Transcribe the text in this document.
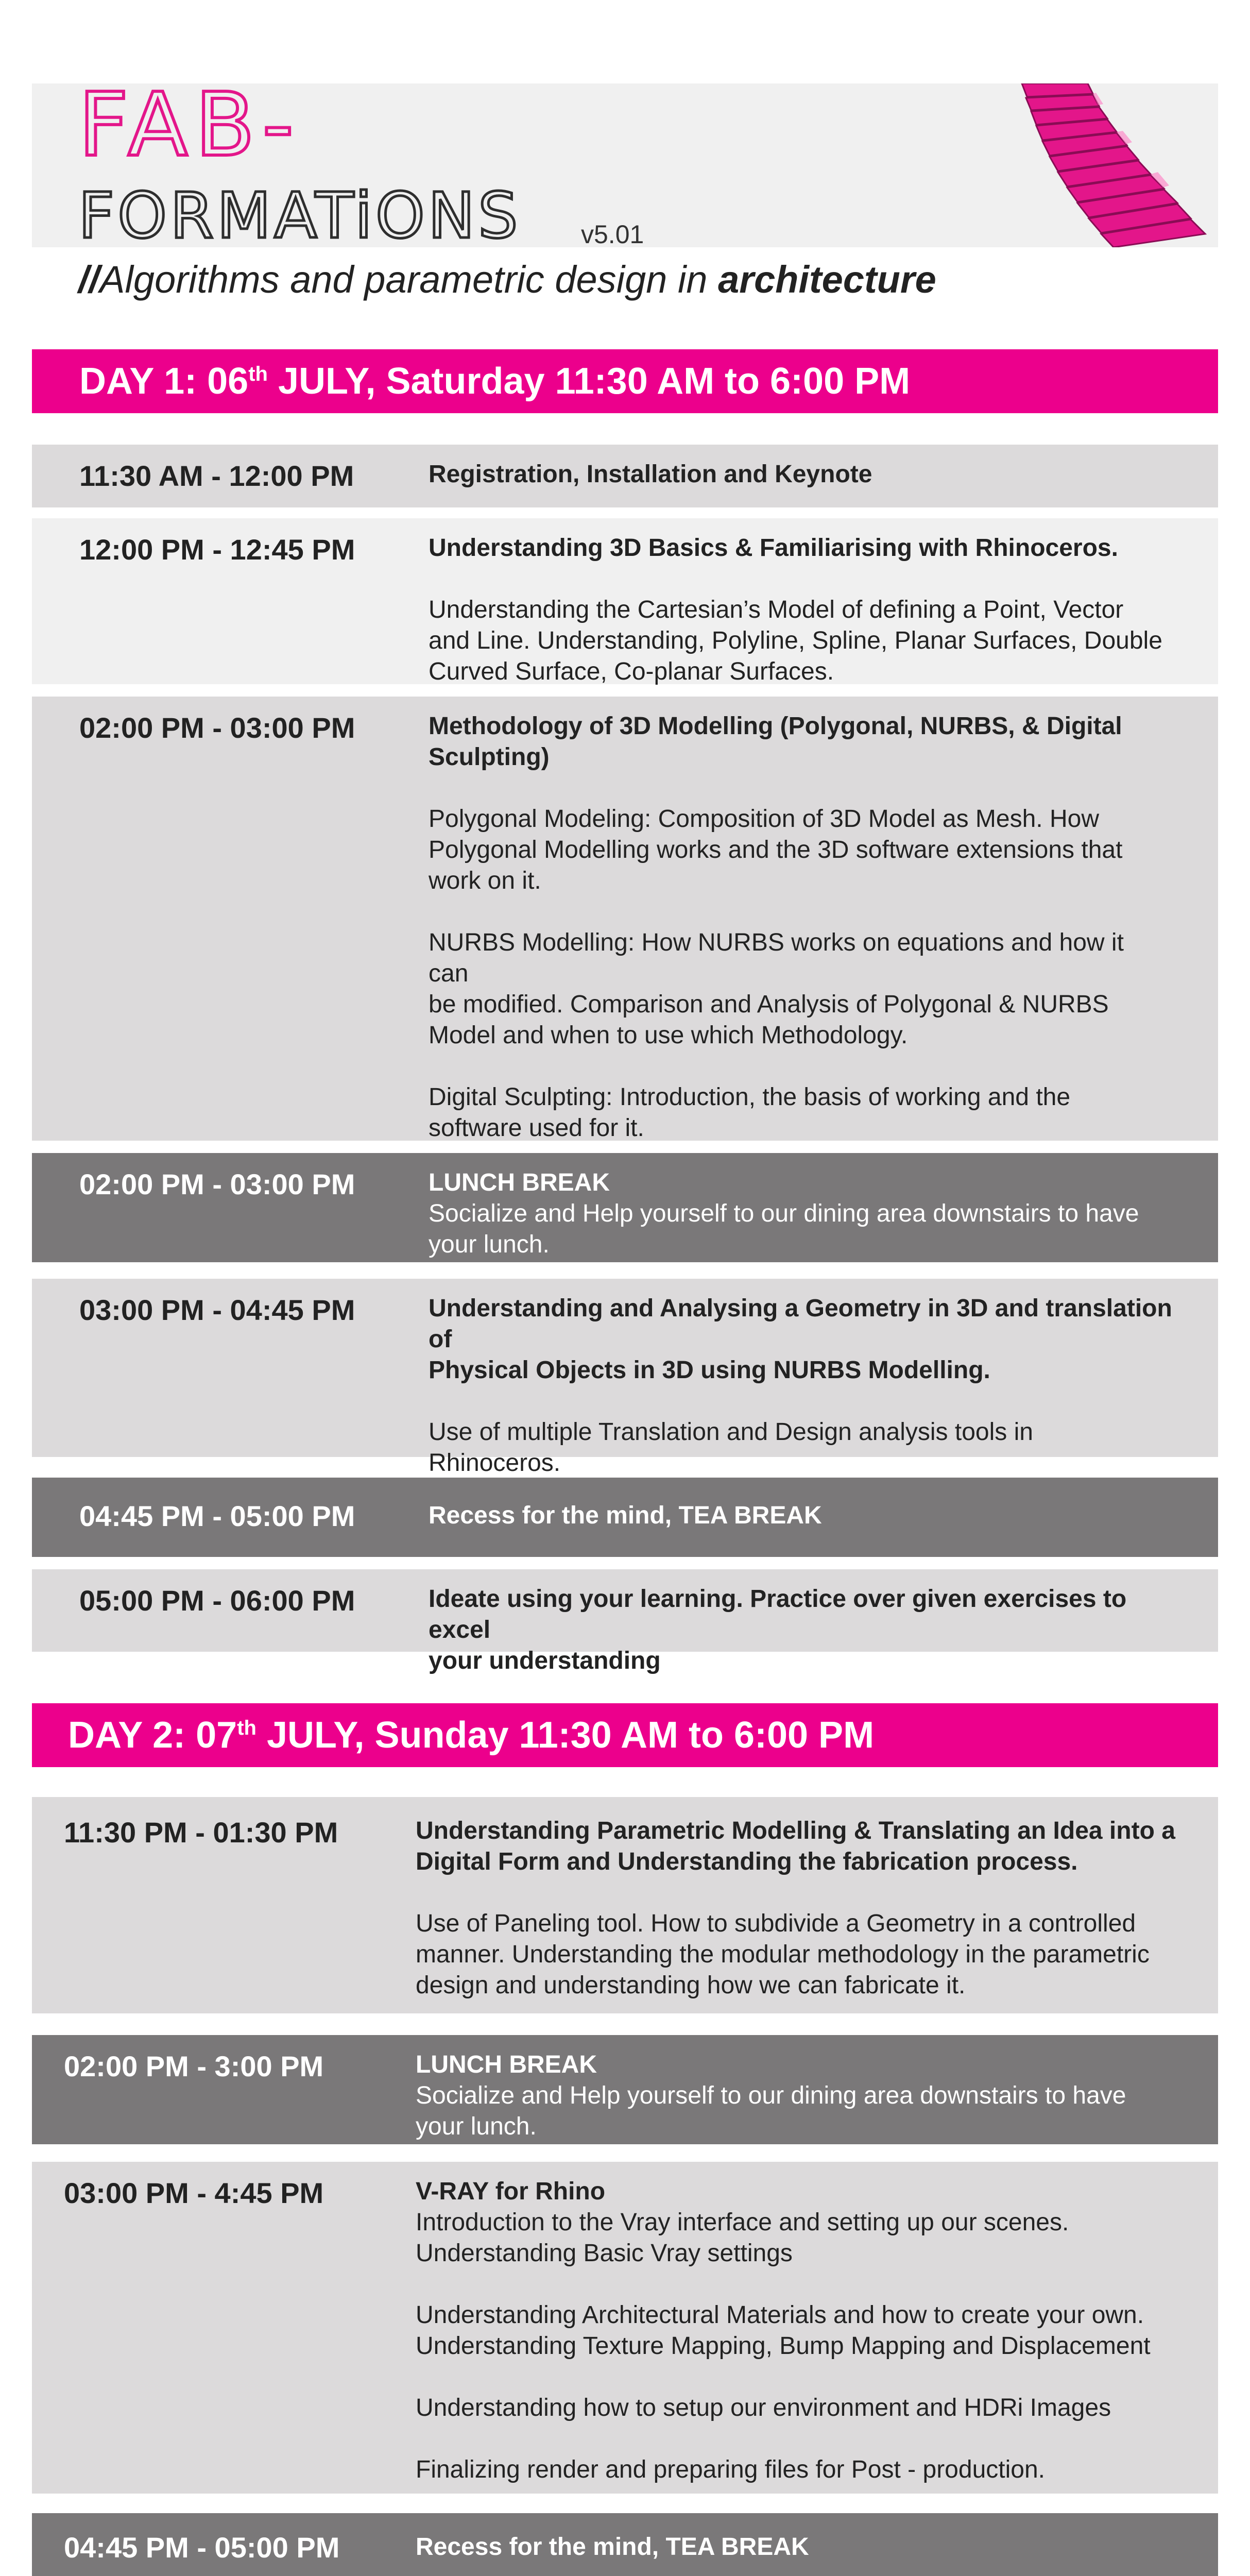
FAB-
FORMATiONS v5.01
//Algorithms and parametric design in architecture
DAY 1: 06th JULY, Saturday 11:30 AM to 6:00 PM
11:30 AM - 12:00 PM	Registration, Installation and Keynote
12:00 PM - 12:45 PM	Understanding 3D Basics & Familiarising with Rhinoceros.
Understanding the Cartesian’s Model of defining a Point, Vector
and Line. Understanding, Polyline, Spline, Planar Surfaces, Double
Curved Surface, Co-planar Surfaces.
02:00 PM - 03:00 PM	Methodology of 3D Modelling (Polygonal, NURBS, & Digital
Sculpting)
Polygonal Modeling: Composition of 3D Model as Mesh. How
Polygonal Modelling works and the 3D software extensions that
work on it.
NURBS Modelling: How NURBS works on equations and how it
can
be modified. Comparison and Analysis of Polygonal & NURBS
Model and when to use which Methodology.
Digital Sculpting: Introduction, the basis of working and the
software used for it.
02:00 PM - 03:00 PM	LUNCH BREAK
Socialize and Help yourself to our dining area downstairs to have
your lunch.
03:00 PM - 04:45 PM	Understanding and Analysing a Geometry in 3D and translation of
Physical Objects in 3D using NURBS Modelling.
Use of multiple Translation and Design analysis tools in
Rhinoceros.
04:45 PM - 05:00 PM	Recess for the mind, TEA BREAK
05:00 PM - 06:00 PM	Ideate using your learning. Practice over given exercises to excel
your understanding
DAY 2: 07th JULY, Sunday 11:30 AM to 6:00 PM
11:30 PM - 01:30 PM	Understanding Parametric Modelling & Translating an Idea into a
Digital Form and Understanding the fabrication process.
Use of Paneling tool. How to subdivide a Geometry in a controlled
manner. Understanding the modular methodology in the parametric
design and understanding how we can fabricate it.
02:00 PM - 3:00 PM	LUNCH BREAK
Socialize and Help yourself to our dining area downstairs to have
your lunch.
03:00 PM - 4:45 PM	V-RAY for Rhino
Introduction to the Vray interface and setting up our scenes.
Understanding Basic Vray settings
Understanding Architectural Materials and how to create your own.
Understanding Texture Mapping, Bump Mapping and Displacement
Understanding how to setup our environment and HDRi Images
Finalizing render and preparing files for Post - production.
04:45 PM - 05:00 PM	Recess for the mind, TEA BREAK
